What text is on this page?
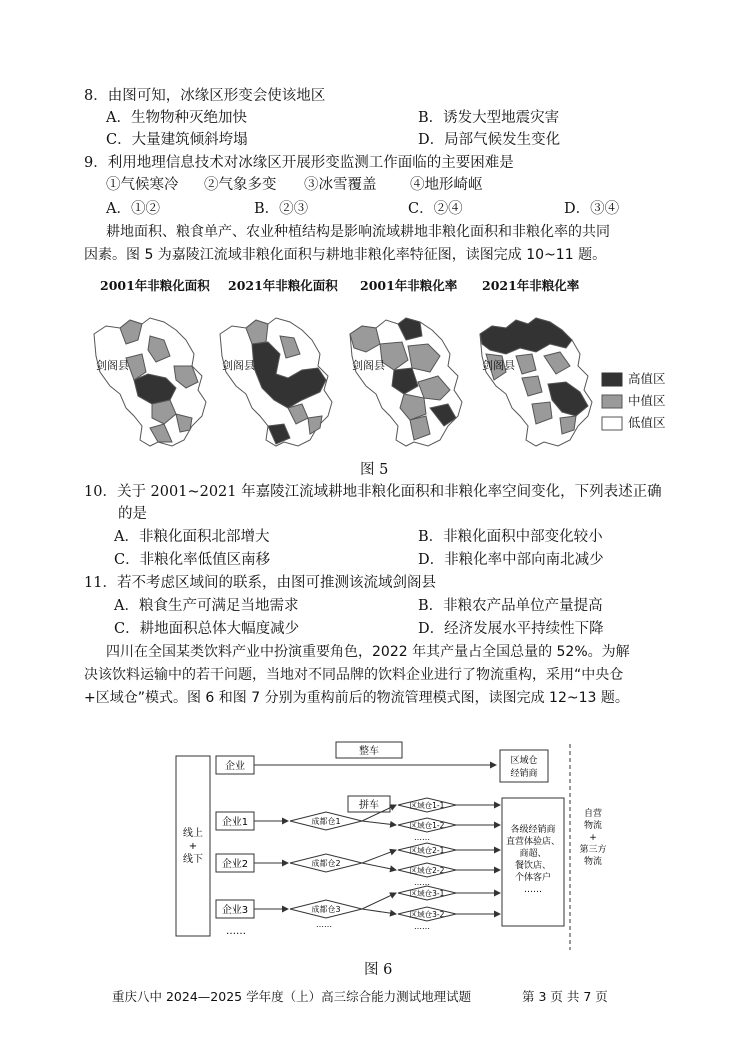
8．由图可知，冰缘区形变会使该地区
A．生物物种灭绝加快	B．诱发大型地震灾害
C．大量建筑倾斜垮塌	D．局部气候发生变化
9．利用地理信息技术对冰缘区开展形变监测工作面临的主要困难是
①气候寒冷 ②气象多变 ③冰雪覆盖 ④地形崎岖
A．①②	B．②③	C．②④	D．③④
耕地面积、粮食单产、农业种植结构是影响流域耕地非粮化面积和非粮化率的共同
因素。图 5 为嘉陵江流域非粮化面积与耕地非粮化率特征图，读图完成 10~11 题。
2001年非粮化面积 2021年非粮化面积 2001年非粮化率 2021年非粮化率
剑阁县	剑阁县	剑阁县	剑阁县
高值区
中值区
低值区
图 5
10．关于 2001~2021 年嘉陵江流域耕地非粮化面积和非粮化率空间变化，下列表述正确
的是
A．非粮化面积北部增大	B．非粮化面积中部变化较小
C．非粮化率低值区南移	D．非粮化率中部向南北减少
11．若不考虑区域间的联系，由图可推测该流域剑阁县
A．粮食生产可满足当地需求	B．非粮农产品单位产量提高
C．耕地面积总体大幅度减少	D．经济发展水平持续性下降
四川在全国某类饮料产业中扮演重要角色，2022 年其产量占全国总量的 52%。为解
决该饮料运输中的若干问题，当地对不同品牌的饮料企业进行了物流重构，采用“中央仓
+区域仓”模式。图 6 和图 7 分别为重构前后的物流管理模式图，读图完成 12~13 题。
线上
+
线下
企业
整车
拼车
区域仓
经销商
企业1
企业2
企业3
……
成都仓1
成都仓2
成都仓3
……
区域仓1-1
区域仓1-2
……
区域仓2-1
区域仓2-2
……
区域仓3-1
区域仓3-2
……
各级经销商
直营体验店、
商超、
餐饮店、
个体客户
……
自营
物流
+
第三方
物流
图 6
重庆八中 2024—2025 学年度（上）高三综合能力测试地理试题	第 3 页 共 7 页
